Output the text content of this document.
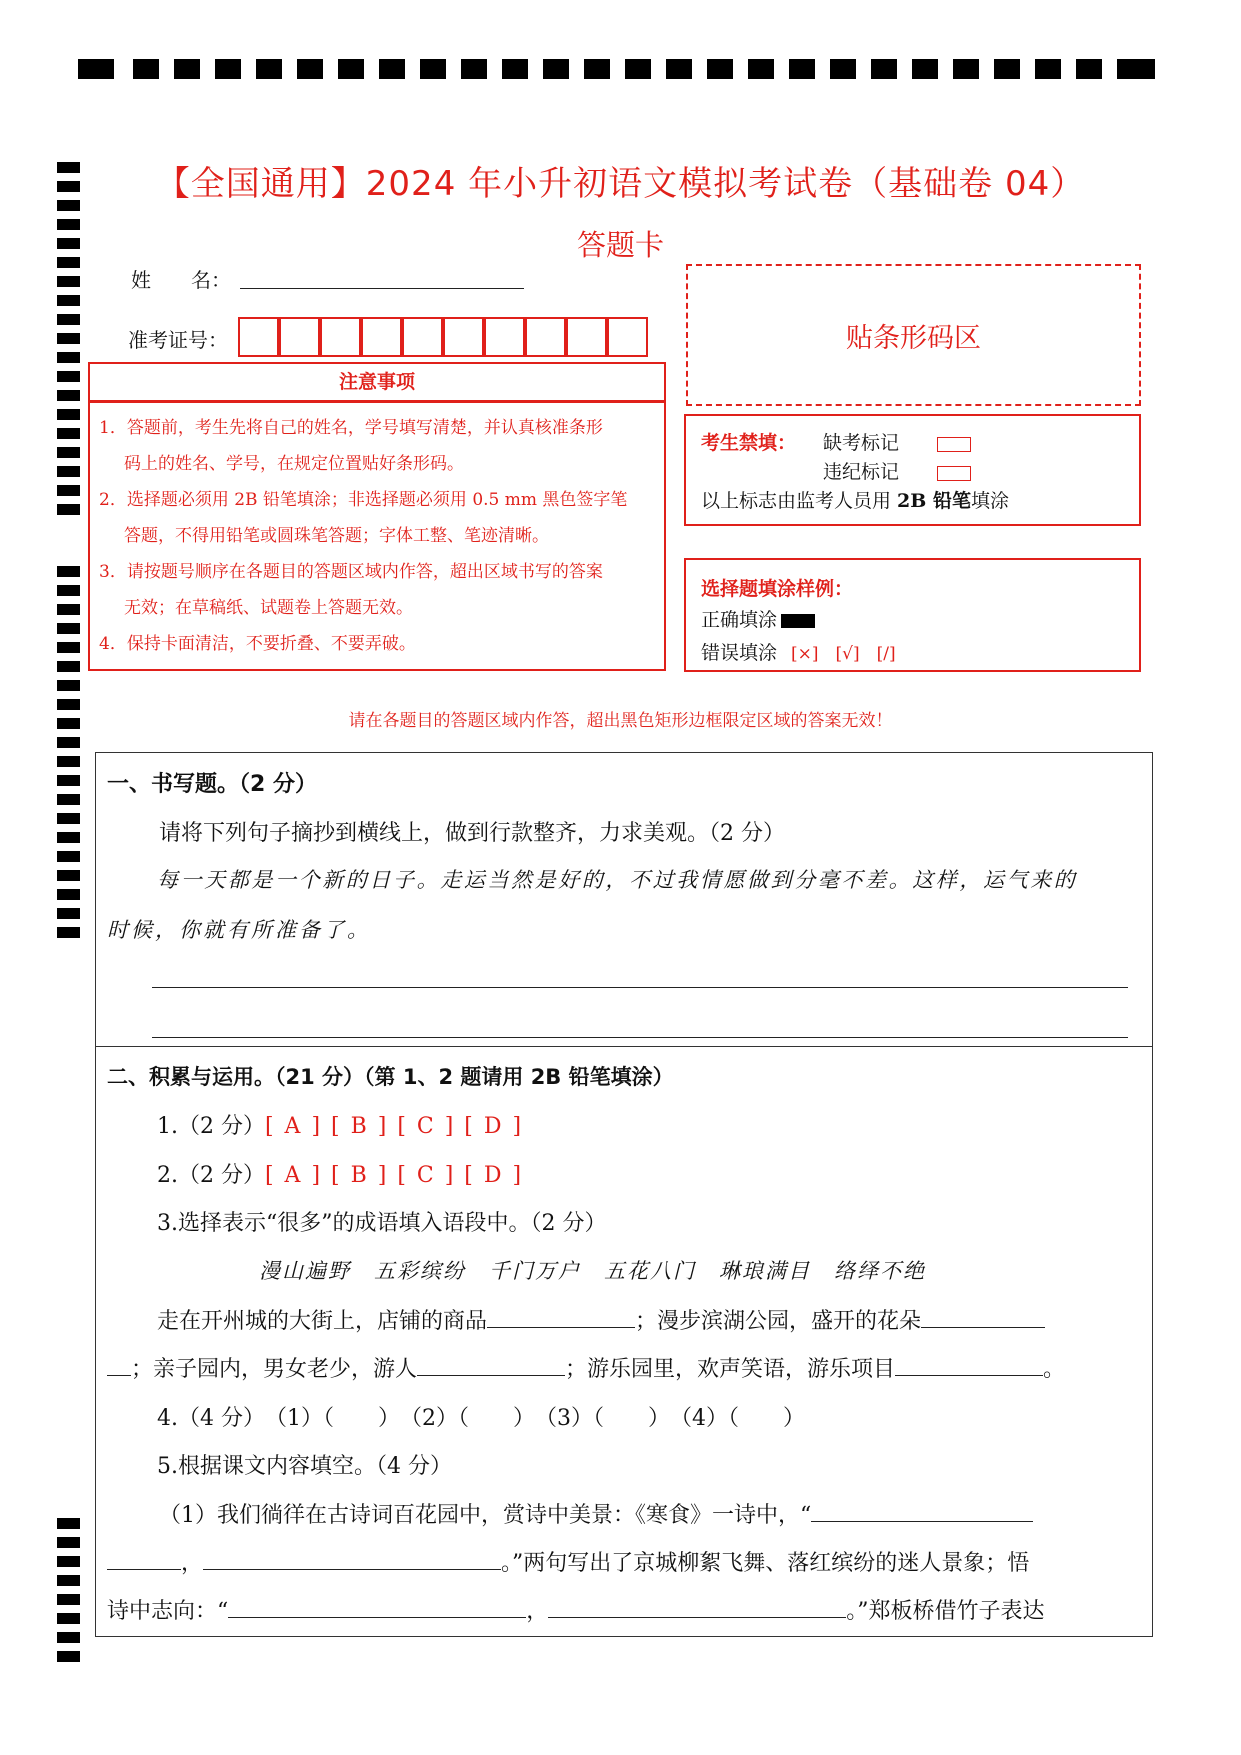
【全国通用】2024 年小升初语文模拟考试卷（基础卷 04）
答题卡
姓　　名：
准考证号：	贴条形码区
注意事项
1．答题前，考生先将自己的姓名，学号填写清楚，并认真核准条形
码上的姓名、学号，在规定位置贴好条形码。
2．选择题必须用 2B 铅笔填涂；非选择题必须用 0.5 mm 黑色签字笔
答题，不得用铅笔或圆珠笔答题；字体工整、笔迹清晰。
3．请按题号顺序在各题目的答题区域内作答，超出区域书写的答案
无效；在草稿纸、试题卷上答题无效。
4．保持卡面清洁，不要折叠、不要弄破。
考生禁填： 缺考标记
违纪标记
以上标志由监考人员用 2B 铅笔填涂
选择题填涂样例：
正确填涂
错误填涂 [×]　[√]　[/]
请在各题目的答题区域内作答，超出黑色矩形边框限定区域的答案无效！
一、书写题。（2 分）
请将下列句子摘抄到横线上，做到行款整齐，力求美观。（2 分）
每一天都是一个新的日子。走运当然是好的，不过我情愿做到分毫不差。这样，运气来的
时候，你就有所准备了。
二、积累与运用。（21 分）（第 1、2 题请用 2B 铅笔填涂）
1.（2 分）[ A ] [ B ] [ C ] [ D ]
2.（2 分）[ A ] [ B ] [ C ] [ D ]
3.选择表示“很多”的成语填入语段中。（2 分）
漫山遍野　五彩缤纷　千门万户　五花八门　琳琅满目　络绎不绝
走在开州城的大街上，店铺的商品	；漫步滨湖公园，盛开的花朵
；亲子园内，男女老少，游人	；游乐园里，欢声笑语，游乐项目	。
4.（4 分）　（1）（　　）　（2）（　　）　（3）（　　）　（4）（　　）
5.根据课文内容填空。（4 分）
（1）我们徜徉在古诗词百花园中，赏诗中美景：《寒食》一诗中，“
，	。”两句写出了京城柳絮飞舞、落红缤纷的迷人景象；悟
诗中志向：“	，	。”郑板桥借竹子表达
